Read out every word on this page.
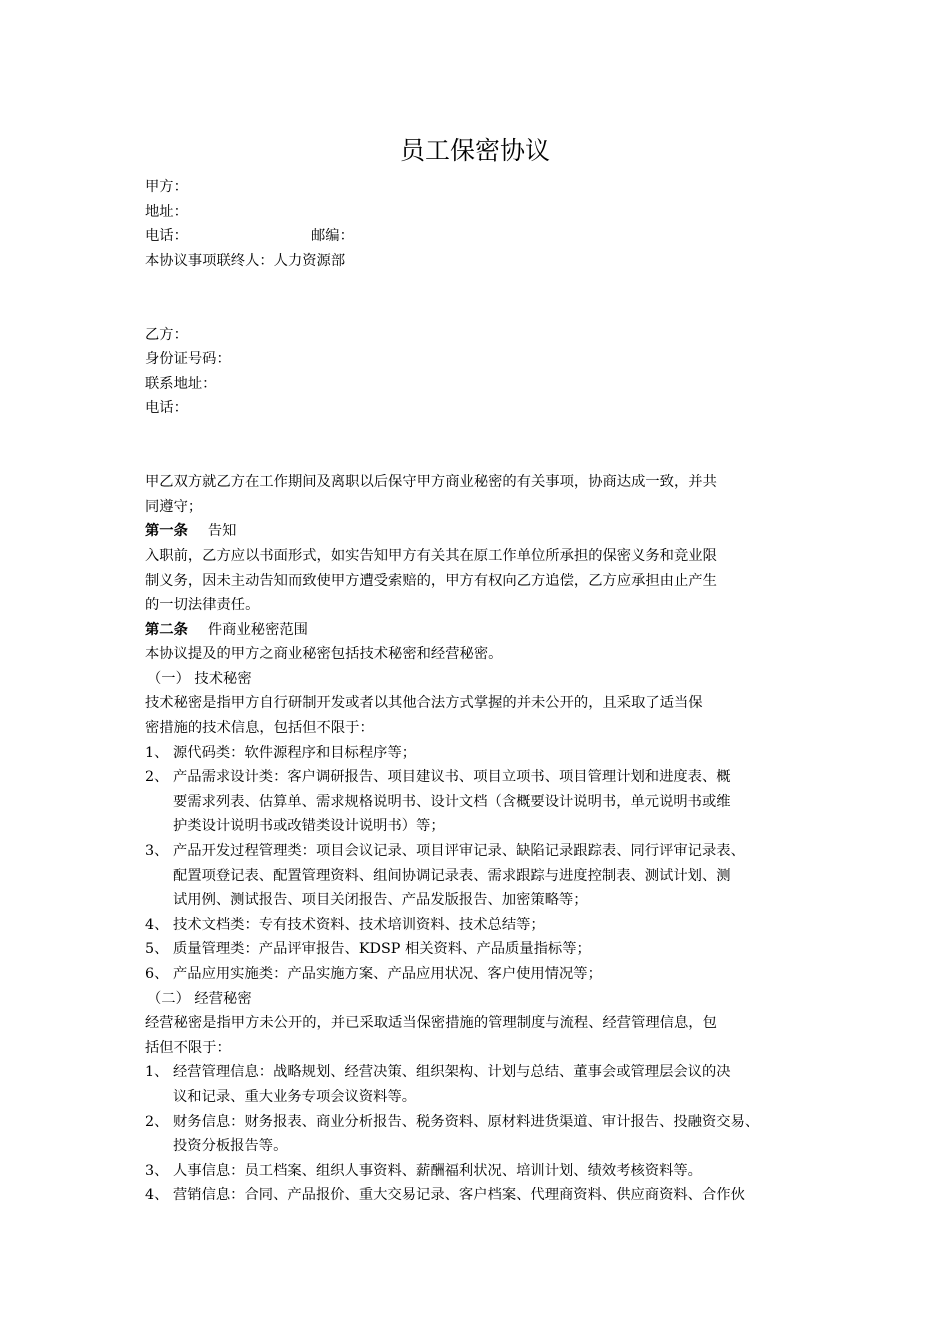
员工保密协议
甲方：
地址：
电话：	邮编：
本协议事项联终人：人力资源部
乙方：
身份证号码：
联系地址：
电话：
甲乙双方就乙方在工作期间及离职以后保守甲方商业秘密的有关事项，协商达成一致，并共
同遵守；
第一条 告知
入职前，乙方应以书面形式，如实告知甲方有关其在原工作单位所承担的保密义务和竞业限
制义务，因未主动告知而致使甲方遭受索赔的，甲方有权向乙方追偿，乙方应承担由止产生
的一切法律责任。
第二条 件商业秘密范围
本协议提及的甲方之商业秘密包括技术秘密和经营秘密。
（一） 技术秘密
技术秘密是指甲方自行研制开发或者以其他合法方式掌握的并未公开的，且采取了适当保
密措施的技术信息，包括但不限于：
1、 源代码类：软件源程序和目标程序等；
2、 产品需求设计类：客户调研报告、项目建议书、项目立项书、项目管理计划和进度表、概
要需求列表、估算单、需求规格说明书、设计文档（含概要设计说明书，单元说明书或维
护类设计说明书或改错类设计说明书）等；
3、 产品开发过程管理类：项目会议记录、项目评审记录、缺陷记录跟踪表、同行评审记录表、
配置项登记表、配置管理资料、组间协调记录表、需求跟踪与进度控制表、测试计划、测
试用例、测试报告、项目关闭报告、产品发版报告、加密策略等；
4、 技术文档类：专有技术资料、技术培训资料、技术总结等；
5、 质量管理类：产品评审报告、KDSP 相关资料、产品质量指标等；
6、 产品应用实施类：产品实施方案、产品应用状况、客户使用情况等；
（二） 经营秘密
经营秘密是指甲方未公开的，并已采取适当保密措施的管理制度与流程、经营管理信息，包
括但不限于：
1、 经营管理信息：战略规划、经营决策、组织架构、计划与总结、董事会或管理层会议的决
议和记录、重大业务专项会议资料等。
2、 财务信息：财务报表、商业分析报告、税务资料、原材料进货渠道、审计报告、投融资交易、
投资分板报告等。
3、 人事信息：员工档案、组织人事资料、薪酬福利状况、培训计划、绩效考核资料等。
4、 营销信息：合同、产品报价、重大交易记录、客户档案、代理商资料、供应商资料、合作伙
